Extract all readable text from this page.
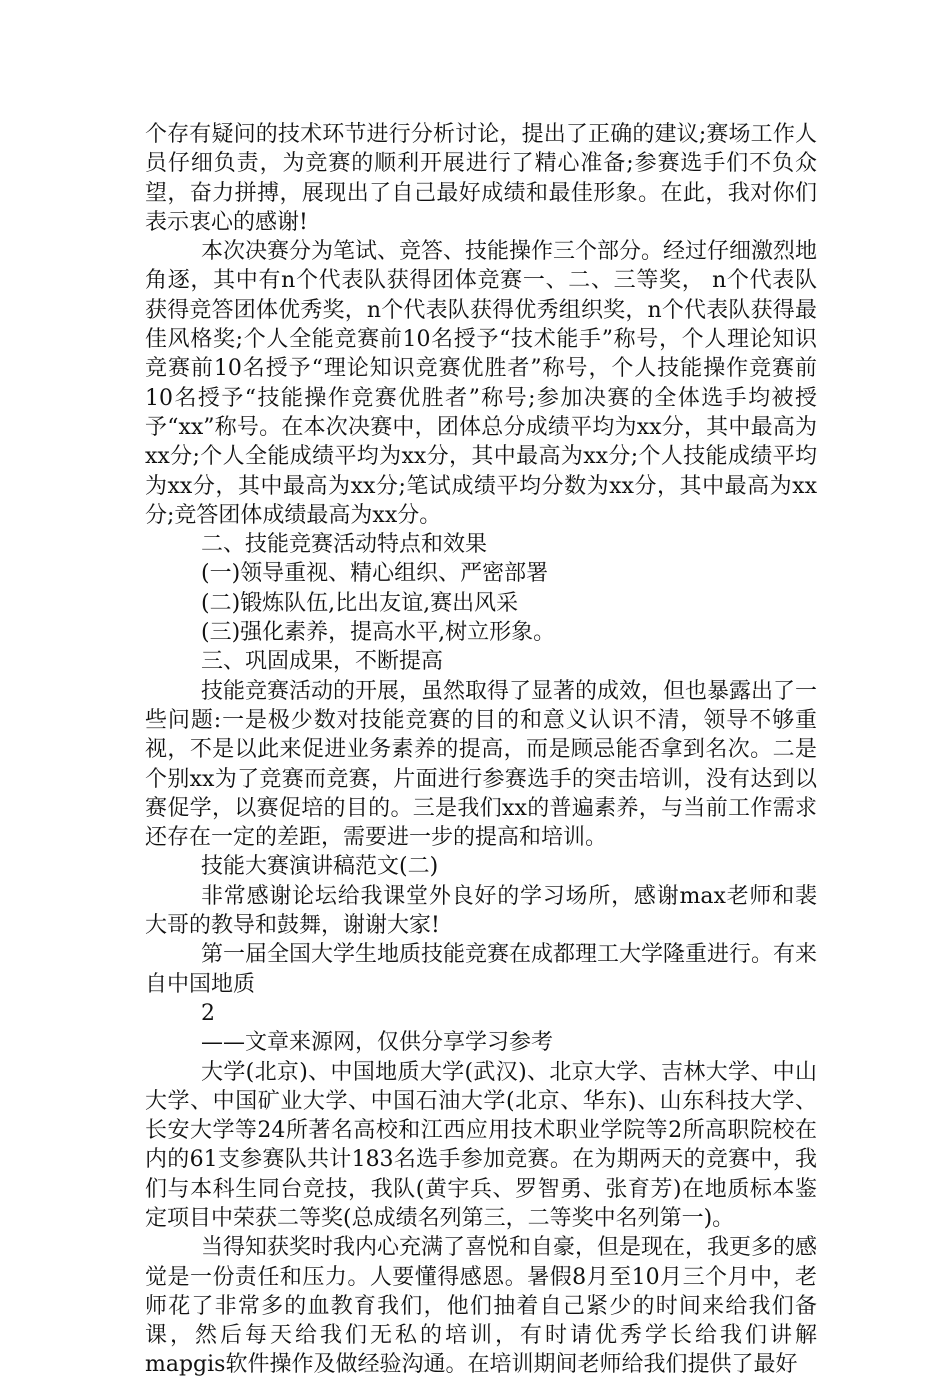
个存有疑问的技术环节进行分析讨论，提出了正确的建议;赛场工作人员仔细负责，为竞赛的顺利开展进行了精心准备;参赛选手们不负众望，奋力拼搏，展现出了自己最好成绩和最佳形象。在此，我对你们表示衷心的感谢!

本次决赛分为笔试、竞答、技能操作三个部分。经过仔细激烈地角逐，其中有n个代表队获得团体竞赛一、二、三等奖， n个代表队获得竞答团体优秀奖，n个代表队获得优秀组织奖，n个代表队获得最佳风格奖;个人全能竞赛前10名授予“技术能手”称号，个人理论知识竞赛前10名授予“理论知识竞赛优胜者”称号，个人技能操作竞赛前10名授予“技能操作竞赛优胜者”称号;参加决赛的全体选手均被授予“xx”称号。在本次决赛中，团体总分成绩平均为xx分，其中最高为xx分;个人全能成绩平均为xx分，其中最高为xx分;个人技能成绩平均为xx分，其中最高为xx分;笔试成绩平均分数为xx分，其中最高为xx分;竞答团体成绩最高为xx分。

二、技能竞赛活动特点和效果

(一)领导重视、精心组织、严密部署

(二)锻炼队伍,比出友谊,赛出风采

(三)强化素养，提高水平,树立形象。

三、巩固成果，不断提高

技能竞赛活动的开展，虽然取得了显著的成效，但也暴露出了一些问题:一是极少数对技能竞赛的目的和意义认识不清，领导不够重视，不是以此来促进业务素养的提高，而是顾忌能否拿到名次。二是个别xx为了竞赛而竞赛，片面进行参赛选手的突击培训，没有达到以赛促学，以赛促培的目的。三是我们xx的普遍素养，与当前工作需求还存在一定的差距，需要进一步的提高和培训。

技能大赛演讲稿范文(二)

非常感谢论坛给我课堂外良好的学习场所，感谢max老师和裴大哥的教导和鼓舞，谢谢大家!

第一届全国大学生地质技能竞赛在成都理工大学隆重进行。有来自中国地质

2

——文章来源网，仅供分享学习参考

大学(北京)、中国地质大学(武汉)、北京大学、吉林大学、中山大学、中国矿业大学、中国石油大学(北京、华东)、山东科技大学、长安大学等24所著名高校和江西应用技术职业学院等2所高职院校在内的61支参赛队共计183名选手参加竞赛。在为期两天的竞赛中，我们与本科生同台竞技，我队(黄宇兵、罗智勇、张育芳)在地质标本鉴定项目中荣获二等奖(总成绩名列第三，二等奖中名列第一)。

当得知获奖时我内心充满了喜悦和自豪，但是现在，我更多的感觉是一份责任和压力。人要懂得感恩。暑假8月至10月三个月中，老师花了非常多的血教育我们，他们抽着自己紧少的时间来给我们备课，然后每天给我们无私的培训，有时请优秀学长给我们讲解mapgis软件操作及做经验沟通。在培训期间老师给我们提供了最好
